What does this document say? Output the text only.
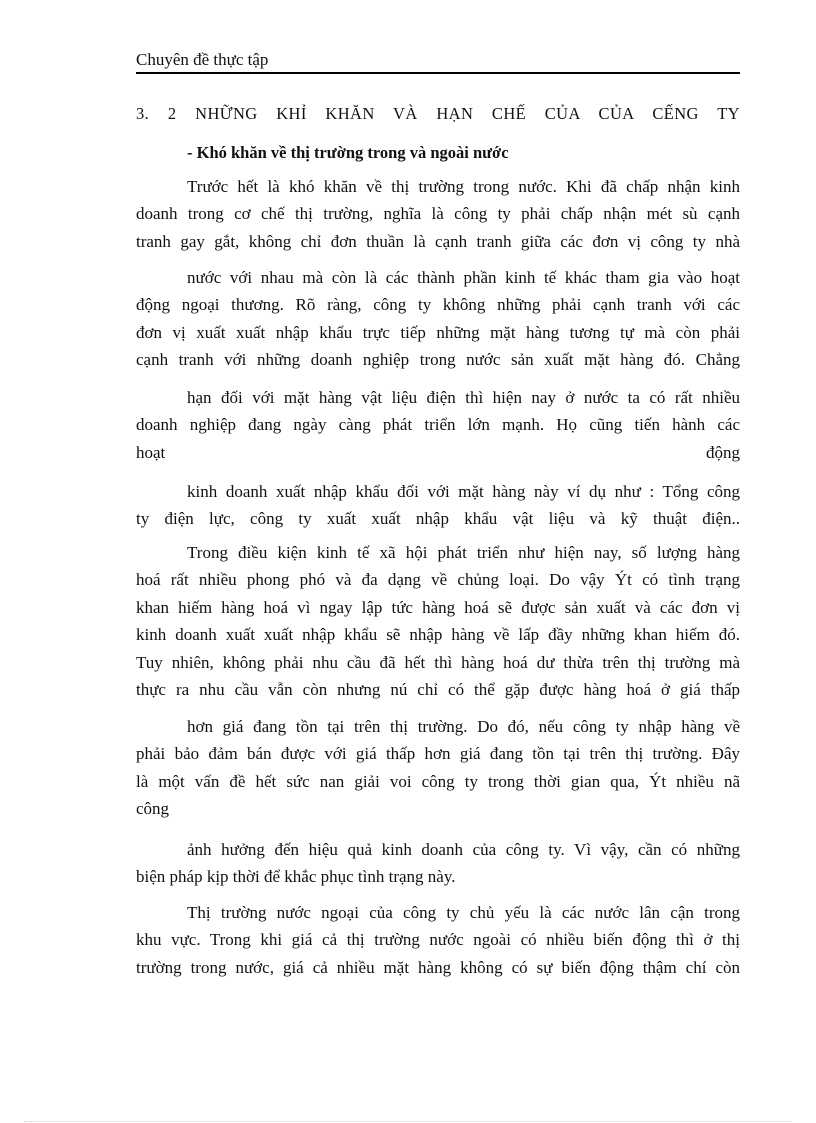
Chuyên đề thực tập
3. 2 NHỮNG KHỈ KHĂN VÀ HẠN CHẾ CỦA CỦA CẾNG TY
- Khó khăn về thị trường trong và ngoài nước
Trước hết là khó khăn về thị trường trong nước. Khi đã chấp nhận kinh
doanh trong cơ chế thị trường, nghĩa là công ty phải chấp nhận mét sù cạnh
tranh gay gắt, không chỉ đơn thuần là cạnh tranh giữa các đơn vị công ty nhà
nước với nhau mà còn là các thành phần kinh tế khác tham gia vào hoạt
động ngoại thương. Rõ ràng, công ty không những phải cạnh tranh với các
đơn vị xuất xuất nhập khẩu trực tiếp những mặt hàng tương tự mà còn phải
cạnh tranh với những doanh nghiệp trong nước sản xuất mặt hàng đó. Chẳng
hạn đối với mặt hàng vật liệu điện thì hiện nay ở nước ta có rất nhiều
doanh nghiệp đang ngày càng phát triển lớn mạnh. Họ cũng tiến hành các
hoạt động
kinh doanh xuất nhập khẩu đối với mặt hàng này ví dụ như : Tổng công
ty điện lực, công ty xuất xuất nhập khẩu vật liệu và kỹ thuật điện..
Trong điều kiện kinh tế xã hội phát triển như hiện nay, số lượng hàng
hoá rất nhiều phong phó và đa dạng về chủng loại. Do vậy Ýt có tình trạng
khan hiếm hàng hoá vì ngay lập tức hàng hoá sẽ được sản xuất và các đơn vị
kinh doanh xuất xuất nhập khẩu sẽ nhập hàng về lấp đầy những khan hiếm đó.
Tuy nhiên, không phải nhu cầu đã hết thì hàng hoá dư thừa trên thị trường mà
thực ra nhu cầu vẫn còn nhưng nú chỉ có thể gặp được hàng hoá ở giá thấp
hơn giá đang tồn tại trên thị trường. Do đó, nếu công ty nhập hàng về
phải bảo đảm bán được với giá thấp hơn giá đang tồn tại trên thị trường. Đây
là một vấn đề hết sức nan giải voi công ty trong thời gian qua, Ýt nhiều nã
công
ảnh hưởng đến hiệu quả kinh doanh của công ty. Vì vậy, cần có những
biện pháp kịp thời để khắc phục tình trạng này.
Thị trường nước ngoại của công ty chủ yếu là các nước lân cận trong
khu vực. Trong khi giá cả thị trường nước ngoài có nhiều biến động thì ở thị
trường trong nước, giá cả nhiều mặt hàng không có sự biến động thậm chí còn
